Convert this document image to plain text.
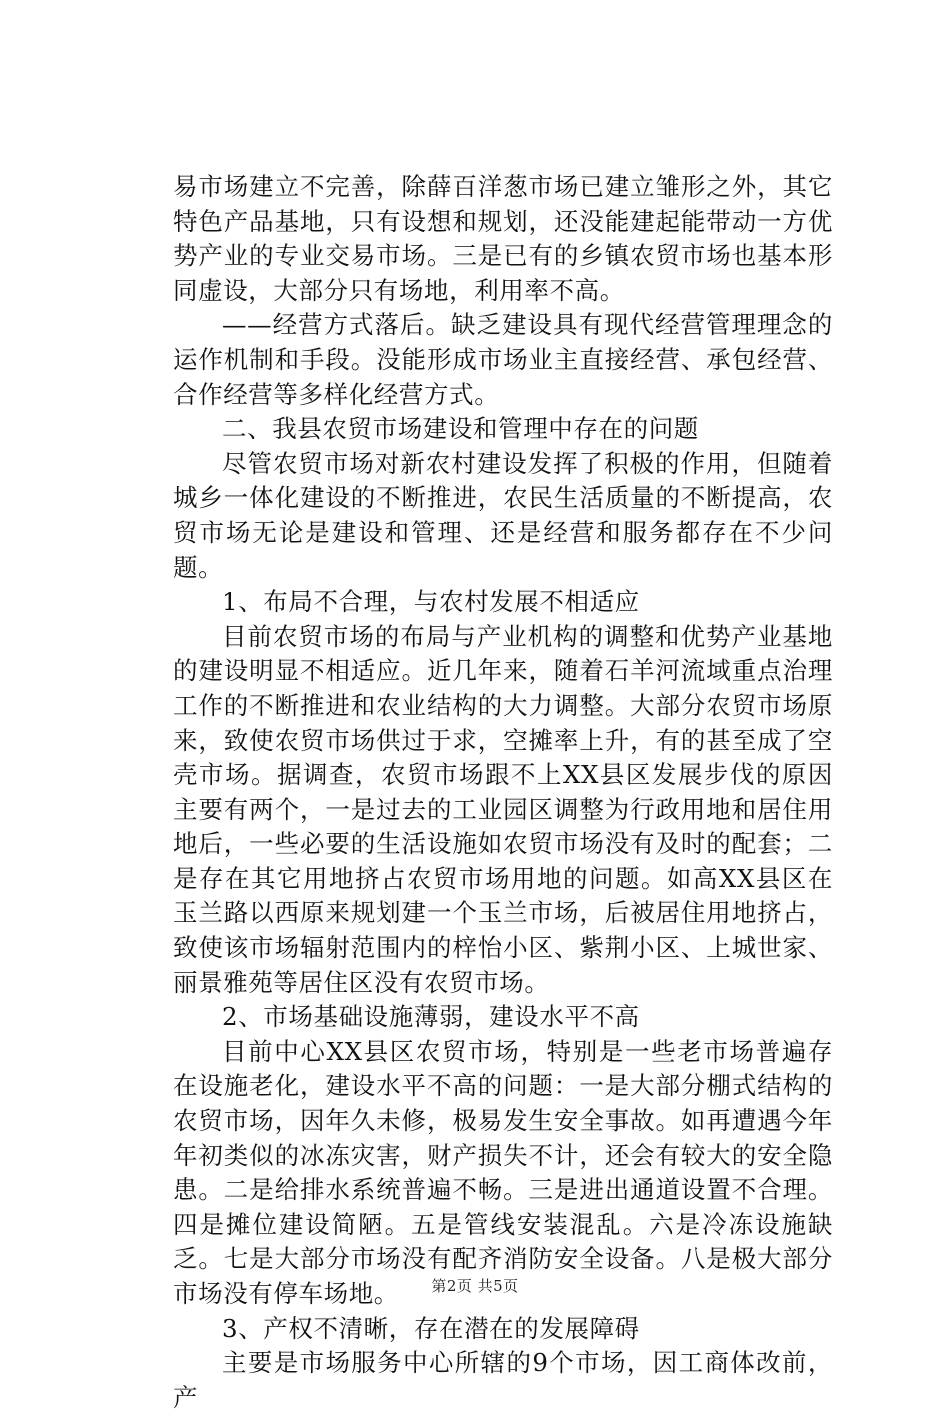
易市场建立不完善，除薛百洋葱市场已建立雏形之外，其它特色产品基地，只有设想和规划，还没能建起能带动一方优势产业的专业交易市场。三是已有的乡镇农贸市场也基本形同虚设，大部分只有场地，利用率不高。

——经营方式落后。缺乏建设具有现代经营管理理念的运作机制和手段。没能形成市场业主直接经营、承包经营、合作经营等多样化经营方式。

二、我县农贸市场建设和管理中存在的问题

尽管农贸市场对新农村建设发挥了积极的作用，但随着城乡一体化建设的不断推进，农民生活质量的不断提高，农贸市场无论是建设和管理、还是经营和服务都存在不少问题。

1、布局不合理，与农村发展不相适应

目前农贸市场的布局与产业机构的调整和优势产业基地的建设明显不相适应。近几年来，随着石羊河流域重点治理工作的不断推进和农业结构的大力调整。大部分农贸市场原来，致使农贸市场供过于求，空摊率上升，有的甚至成了空壳市场。据调查，农贸市场跟不上XX县区发展步伐的原因主要有两个，一是过去的工业园区调整为行政用地和居住用地后，一些必要的生活设施如农贸市场没有及时的配套；二是存在其它用地挤占农贸市场用地的问题。如高XX县区在玉兰路以西原来规划建一个玉兰市场，后被居住用地挤占，致使该市场辐射范围内的梓怡小区、紫荆小区、上城世家、丽景雅苑等居住区没有农贸市场。

2、市场基础设施薄弱，建设水平不高

目前中心XX县区农贸市场，特别是一些老市场普遍存在设施老化，建设水平不高的问题：一是大部分棚式结构的农贸市场，因年久未修，极易发生安全事故。如再遭遇今年年初类似的冰冻灾害，财产损失不计，还会有较大的安全隐患。二是给排水系统普遍不畅。三是进出通道设置不合理。四是摊位建设简陋。五是管线安装混乱。六是冷冻设施缺乏。七是大部分市场没有配齐消防安全设备。八是极大部分市场没有停车场地。

3、产权不清晰，存在潜在的发展障碍

主要是市场服务中心所辖的9个市场，因工商体改前，产

第2页 共5页
